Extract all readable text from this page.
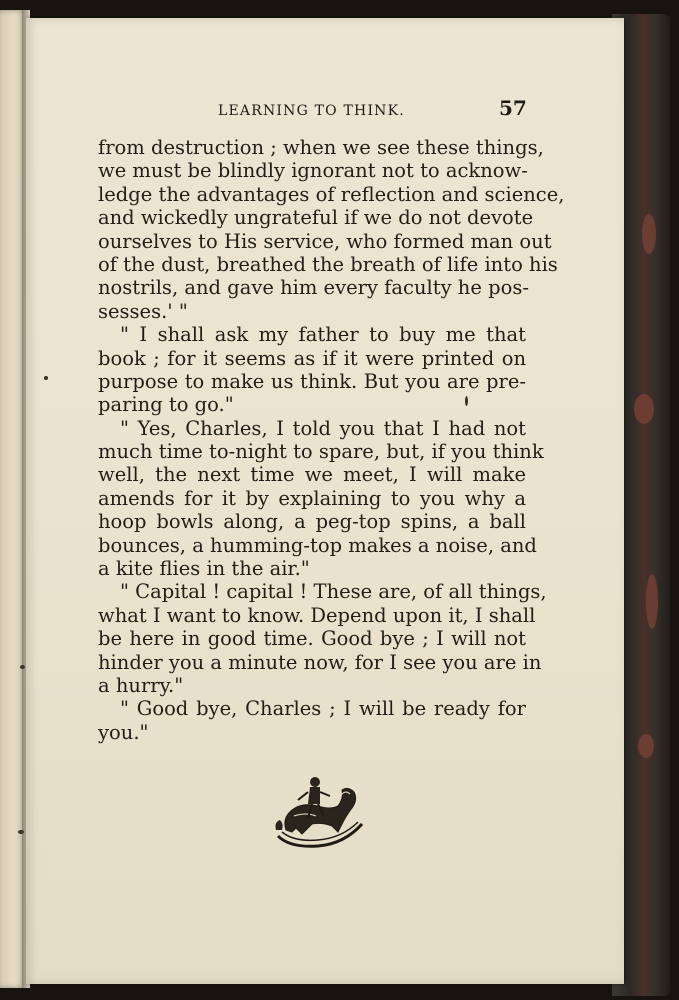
LEARNING TO THINK.	57
from destruction ; when we see these things,
we must be blindly ignorant not to acknow-
ledge the advantages of reflection and science,
and wickedly ungrateful if we do not devote
ourselves to His service, who formed man out
of the dust, breathed the breath of life into his
nostrils, and gave him every faculty he pos-
sesses.' "
" I shall ask my father to buy me that
book ; for it seems as if it were printed on
purpose to make us think. But you are pre-
paring to go."
" Yes, Charles, I told you that I had not
much time to-night to spare, but, if you think
well, the next time we meet, I will make
amends for it by explaining to you why a
hoop bowls along, a peg-top spins, a ball
bounces, a humming-top makes a noise, and
a kite flies in the air."
" Capital ! capital ! These are, of all things,
what I want to know. Depend upon it, I shall
be here in good time. Good bye ; I will not
hinder you a minute now, for I see you are in
a hurry."
" Good bye, Charles ; I will be ready for
you."
